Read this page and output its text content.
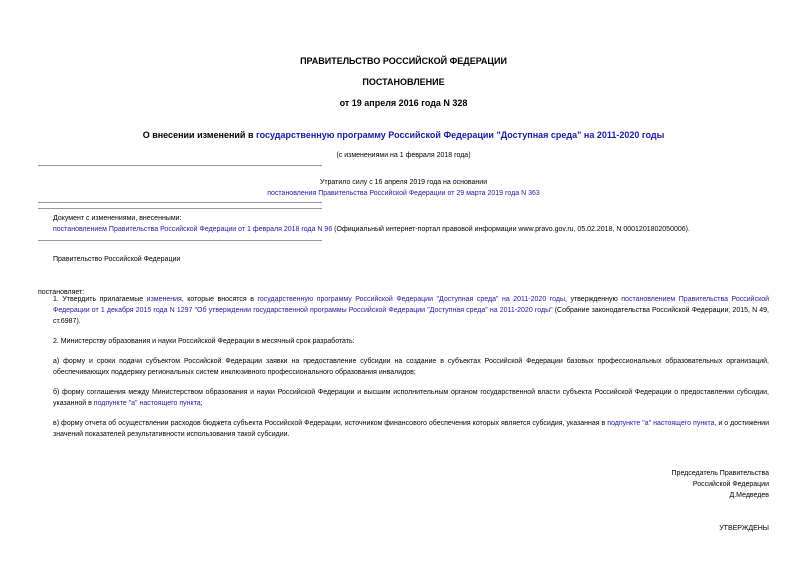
ПРАВИТЕЛЬСТВО РОССИЙСКОЙ ФЕДЕРАЦИИ
ПОСТАНОВЛЕНИЕ
от 19 апреля 2016 года N 328
О внесении изменений в государственную программу Российской Федерации "Доступная среда" на 2011-2020 годы
(с изменениями на 1 февраля 2018 года)
Утратило силу с 16 апреля 2019 года на основании
постановления Правительства Российской Федерации от 29 марта 2019 года N 363
Документ с изменениями, внесенными:
постановлением Правительства Российской Федерации от 1 февраля 2018 года N 96 (Официальный интернет-портал правовой информации www.pravo.gov.ru, 05.02.2018, N 0001201802050006).
Правительство Российской Федерации
постановляет:
1. Утвердить прилагаемые изменения, которые вносятся в государственную программу Российской Федерации "Доступная среда" на 2011-2020 годы, утвержденную постановлением Правительства Российской Федерации от 1 декабря 2015 года N 1297 "Об утверждении государственной программы Российской Федерации "Доступная среда" на 2011-2020 годы" (Собрание законодательства Российской Федерации, 2015, N 49, ст.6987).
2. Министерству образования и науки Российской Федерации в месячный срок разработать:
а) форму и сроки подачи субъектом Российской Федерации заявки на предоставление субсидии на создание в субъектах Российской Федерации базовых профессиональных образовательных организаций, обеспечивающих поддержку региональных систем инклюзивного профессионального образования инвалидов;
б) форму соглашения между Министерством образования и науки Российской Федерации и высшим исполнительным органом государственной власти субъекта Российской Федерации о предоставлении субсидии, указанной в подпункте "а" настоящего пункта;
в) форму отчета об осуществлении расходов бюджета субъекта Российской Федерации, источником финансового обеспечения которых является субсидия, указанная в подпункте "а" настоящего пункта, и о достижении значений показателей результативности использования такой субсидии.
Председатель Правительства
Российской Федерации
Д.Медведев
УТВЕРЖДЕНЫ
